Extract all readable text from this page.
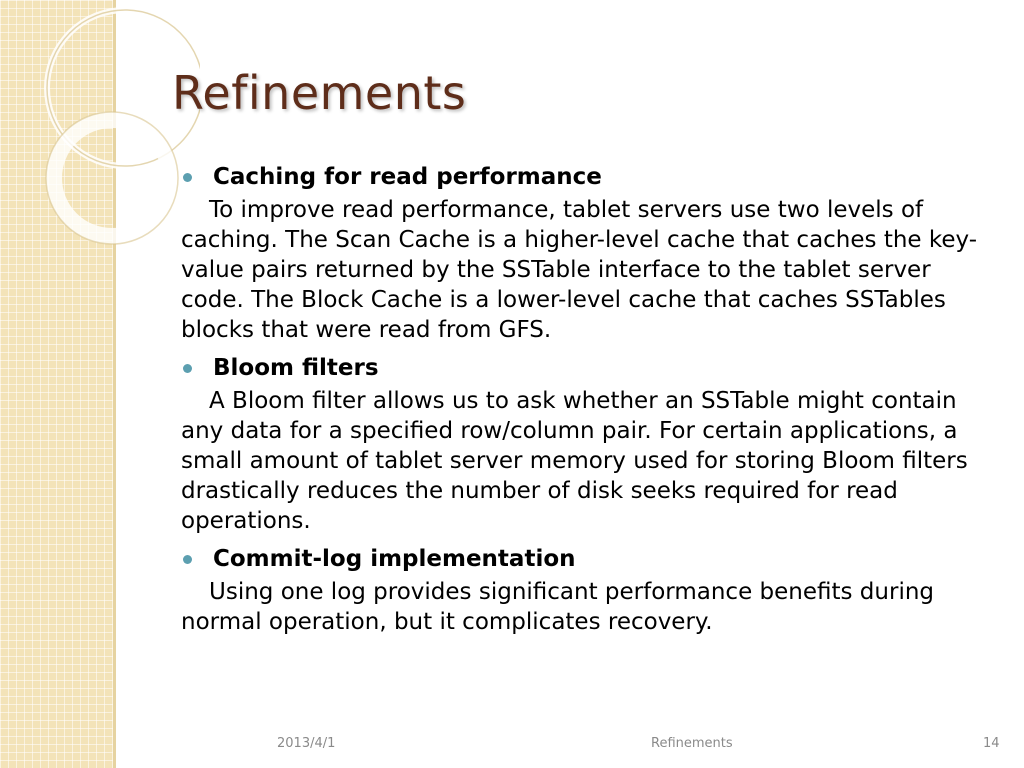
Refinements
Caching for read performance

To improve read performance, tablet servers use two levels of caching. The Scan Cache is a higher-level cache that caches the key-value pairs returned by the SSTable interface to the tablet server code. The Block Cache is a lower-level cache that caches SSTables blocks that were read from GFS.

Bloom filters

A Bloom filter allows us to ask whether an SSTable might contain any data for a specified row/column pair. For certain applications, a small amount of tablet server memory used for storing Bloom filters drastically reduces the number of disk seeks required for read operations.

Commit-log implementation

Using one log provides significant performance benefits during normal operation, but it complicates recovery.

2013/4/1	Refinements	14
